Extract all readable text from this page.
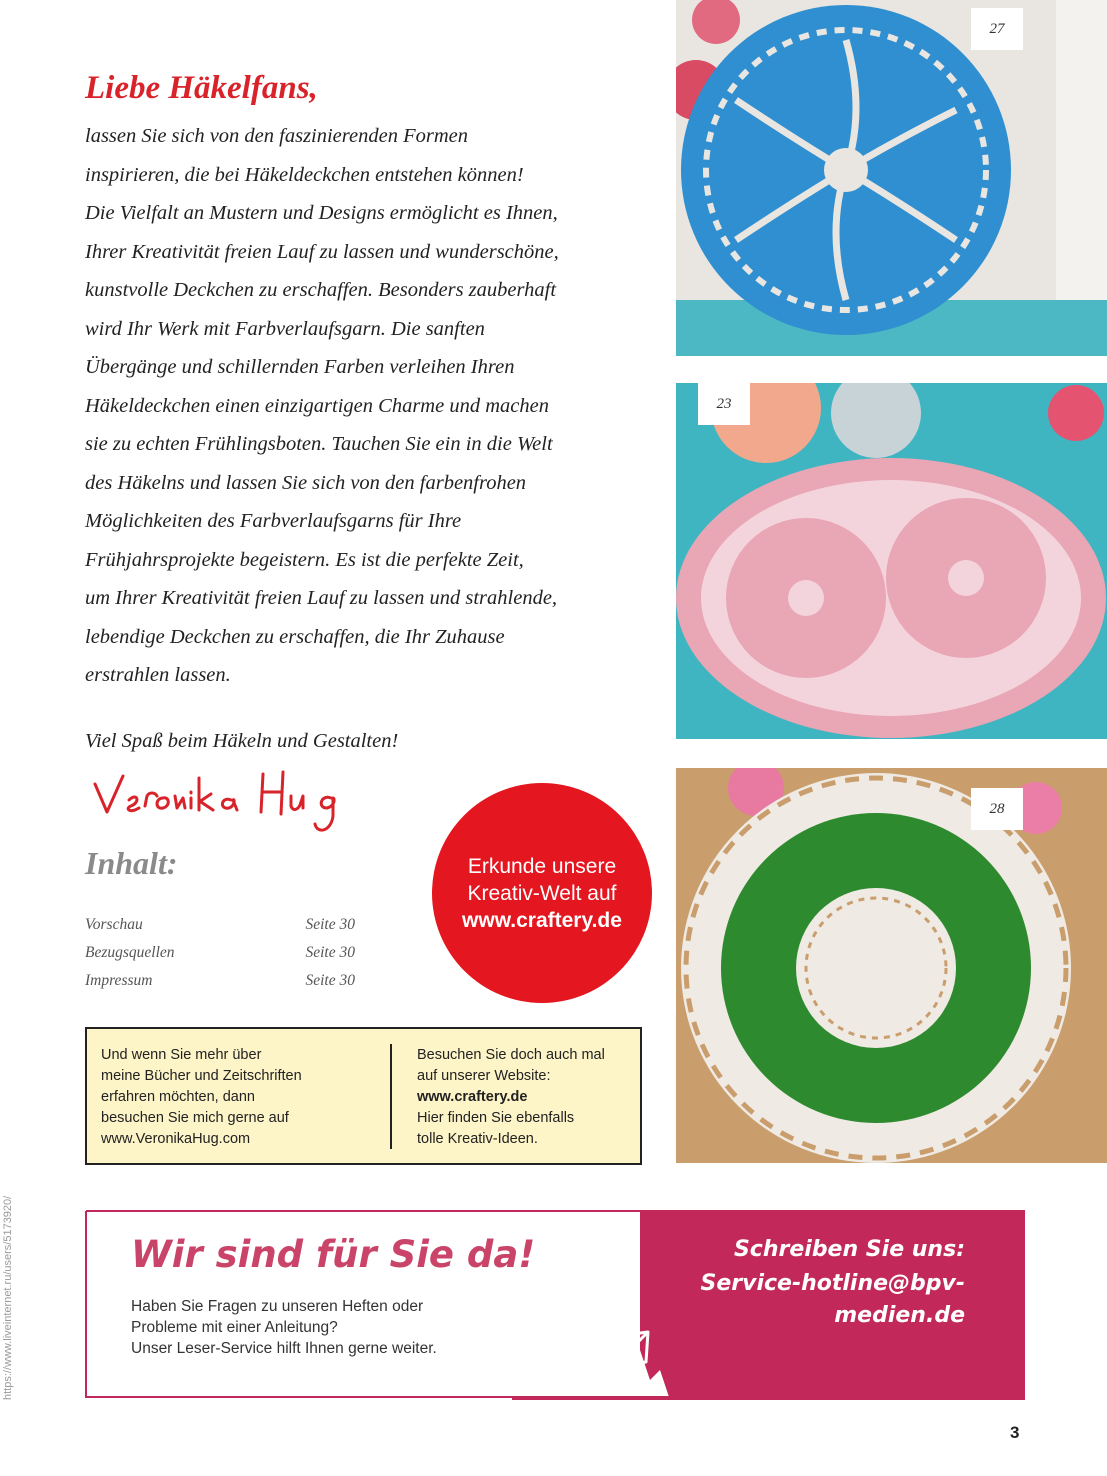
Liebe Häkelfans,

lassen Sie sich von den faszinierenden Formen
inspirieren, die bei Häkeldeckchen entstehen können!
Die Vielfalt an Mustern und Designs ermöglicht es Ihnen,
Ihrer Kreativität freien Lauf zu lassen und wunderschöne,
kunstvolle Deckchen zu erschaffen. Besonders zauberhaft
wird Ihr Werk mit Farbverlaufsgarn. Die sanften
Übergänge und schillernden Farben verleihen Ihren
Häkeldeckchen einen einzigartigen Charme und machen
sie zu echten Frühlingsboten. Tauchen Sie ein in die Welt
des Häkelns und lassen Sie sich von den farbenfrohen
Möglichkeiten des Farbverlaufsgarns für Ihre
Frühjahrsprojekte begeistern. Es ist die perfekte Zeit,
um Ihrer Kreativität freien Lauf zu lassen und strahlende,
lebendige Deckchen zu erschaffen, die Ihr Zuhause
erstrahlen lassen.

Viel Spaß beim Häkeln und Gestalten!

Inhalt:
Vorschau	Seite 30
Bezugsquellen	Seite 30
Impressum	Seite 30
Erkunde unsere
Kreativ-Welt auf
www.craftery.de
Und wenn Sie mehr über
meine Bücher und Zeitschriften
erfahren möchten, dann
besuchen Sie mich gerne auf
www.VeronikaHug.com
Besuchen Sie doch auch mal
auf unserer Website:
www.craftery.de
Hier finden Sie ebenfalls
tolle Kreativ-Ideen.
27
23
28
Wir sind für Sie da!
Haben Sie Fragen zu unseren Heften oder
Probleme mit einer Anleitung?
Unser Leser-Service hilft Ihnen gerne weiter.
Schreiben Sie uns:
Service-hotline@bpv-medien.de
https://www.liveinternet.ru/users/5173920/
3
